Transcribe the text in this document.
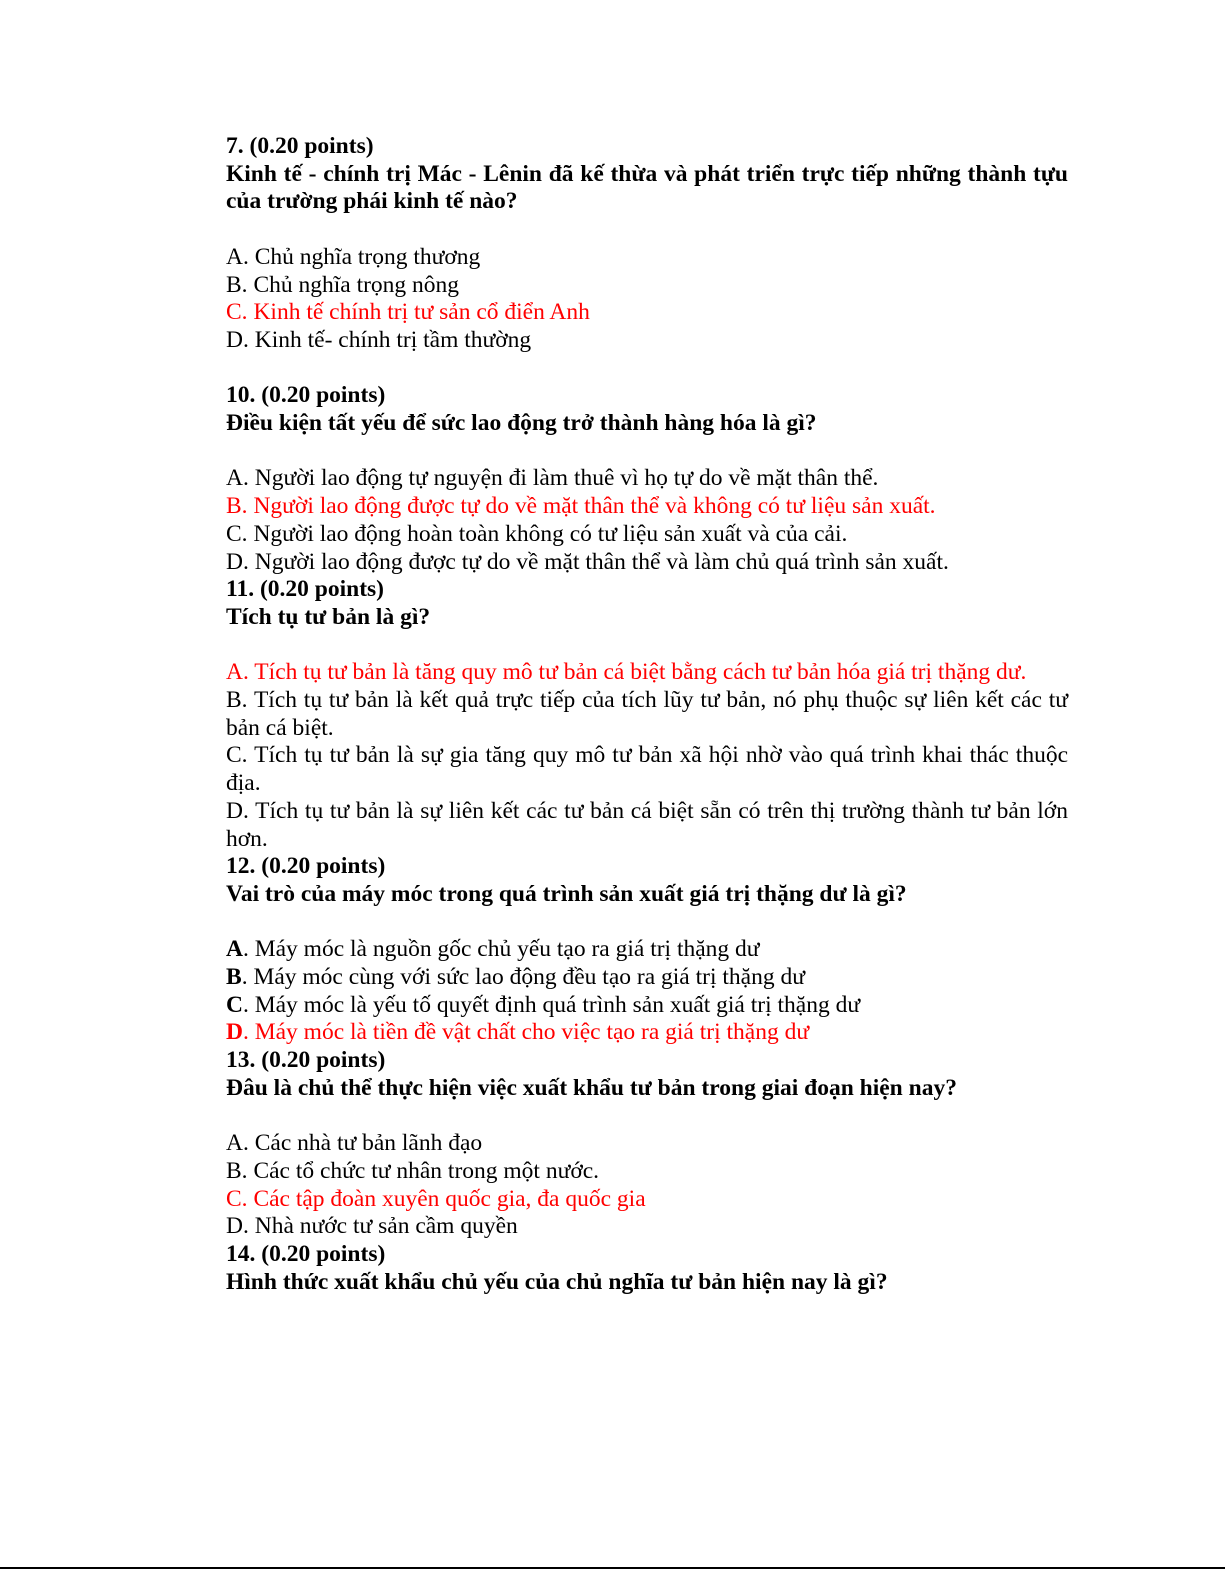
7. (0.20 points)
Kinh tế - chính trị Mác - Lênin đã kế thừa và phát triển trực tiếp những thành tựu của trường phái kinh tế nào?
A. Chủ nghĩa trọng thương
B. Chủ nghĩa trọng nông
C. Kinh tế chính trị tư sản cổ điển Anh
D. Kinh tế- chính trị tầm thường
10. (0.20 points)
Điều kiện tất yếu để sức lao động trở thành hàng hóa là gì?
A. Người lao động tự nguyện đi làm thuê vì họ tự do về mặt thân thể.
B. Người lao động được tự do về mặt thân thể và không có tư liệu sản xuất.
C. Người lao động hoàn toàn không có tư liệu sản xuất và của cải.
D. Người lao động được tự do về mặt thân thể và làm chủ quá trình sản xuất.
11. (0.20 points)
Tích tụ tư bản là gì?
A. Tích tụ tư bản là tăng quy mô tư bản cá biệt bằng cách tư bản hóa giá trị thặng dư.
B. Tích tụ tư bản là kết quả trực tiếp của tích lũy tư bản, nó phụ thuộc sự liên kết các tư bản cá biệt.
C. Tích tụ tư bản là sự gia tăng quy mô tư bản xã hội nhờ vào quá trình khai thác thuộc địa.
D. Tích tụ tư bản là sự liên kết các tư bản cá biệt sẵn có trên thị trường thành tư bản lớn hơn.
12. (0.20 points)
Vai trò của máy móc trong quá trình sản xuất giá trị thặng dư là gì?
A. Máy móc là nguồn gốc chủ yếu tạo ra giá trị thặng dư
B. Máy móc cùng với sức lao động đều tạo ra giá trị thặng dư
C. Máy móc là yếu tố quyết định quá trình sản xuất giá trị thặng dư
D. Máy móc là tiền đề vật chất cho việc tạo ra giá trị thặng dư
13. (0.20 points)
Đâu là chủ thể thực hiện việc xuất khẩu tư bản trong giai đoạn hiện nay?
A. Các nhà tư bản lãnh đạo
B. Các tổ chức tư nhân trong một nước.
C. Các tập đoàn xuyên quốc gia, đa quốc gia
D. Nhà nước tư sản cầm quyền
14. (0.20 points)
Hình thức xuất khẩu chủ yếu của chủ nghĩa tư bản hiện nay là gì?
